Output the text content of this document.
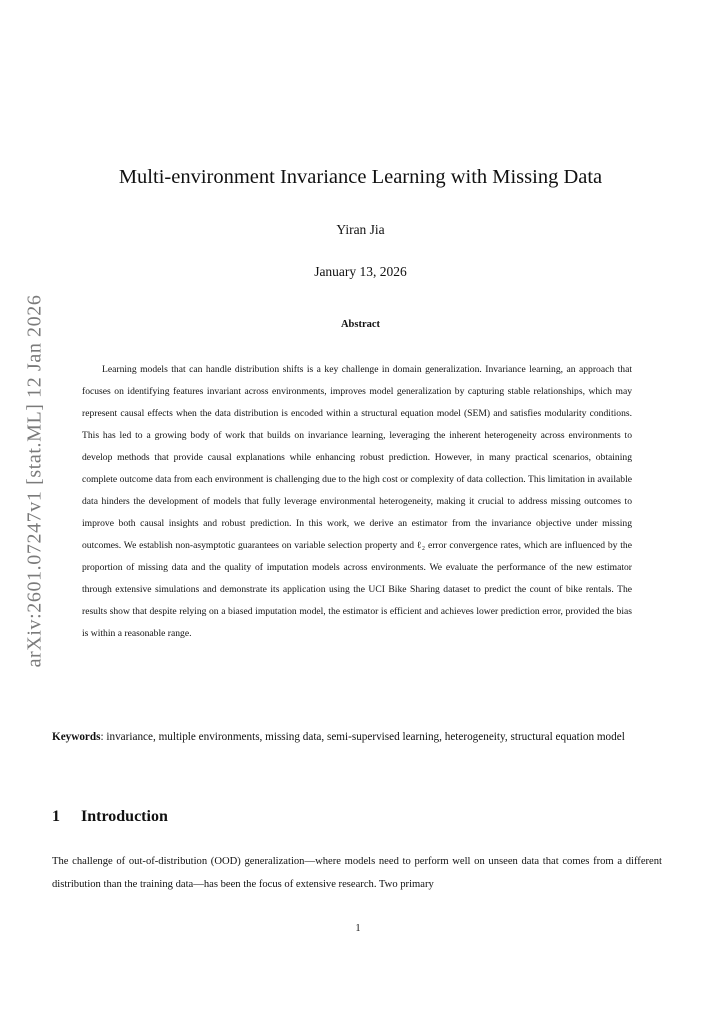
arXiv:2601.07247v1 [stat.ML] 12 Jan 2026
Multi-environment Invariance Learning with Missing Data
Yiran Jia
January 13, 2026
Abstract

Learning models that can handle distribution shifts is a key challenge in domain generalization. Invariance learning, an approach that focuses on identifying features invariant across environments, improves model generalization by capturing stable relationships, which may represent causal effects when the data distribution is encoded within a structural equation model (SEM) and satisfies modularity conditions. This has led to a growing body of work that builds on invariance learning, leveraging the inherent heterogeneity across environments to develop methods that provide causal explanations while enhancing robust prediction. However, in many practical scenarios, obtaining complete outcome data from each environment is challenging due to the high cost or complexity of data collection. This limitation in available data hinders the development of models that fully leverage environmental heterogeneity, making it crucial to address missing outcomes to improve both causal insights and robust prediction. In this work, we derive an estimator from the invariance objective under missing outcomes. We establish non-asymptotic guarantees on variable selection property and ℓ₂ error convergence rates, which are influenced by the proportion of missing data and the quality of imputation models across environments. We evaluate the performance of the new estimator through extensive simulations and demonstrate its application using the UCI Bike Sharing dataset to predict the count of bike rentals. The results show that despite relying on a biased imputation model, the estimator is efficient and achieves lower prediction error, provided the bias is within a reasonable range.

Keywords: invariance, multiple environments, missing data, semi-supervised learning, heterogeneity, structural equation model

1 Introduction

The challenge of out-of-distribution (OOD) generalization—where models need to perform well on unseen data that comes from a different distribution than the training data—has been the focus of extensive research. Two primary

1
